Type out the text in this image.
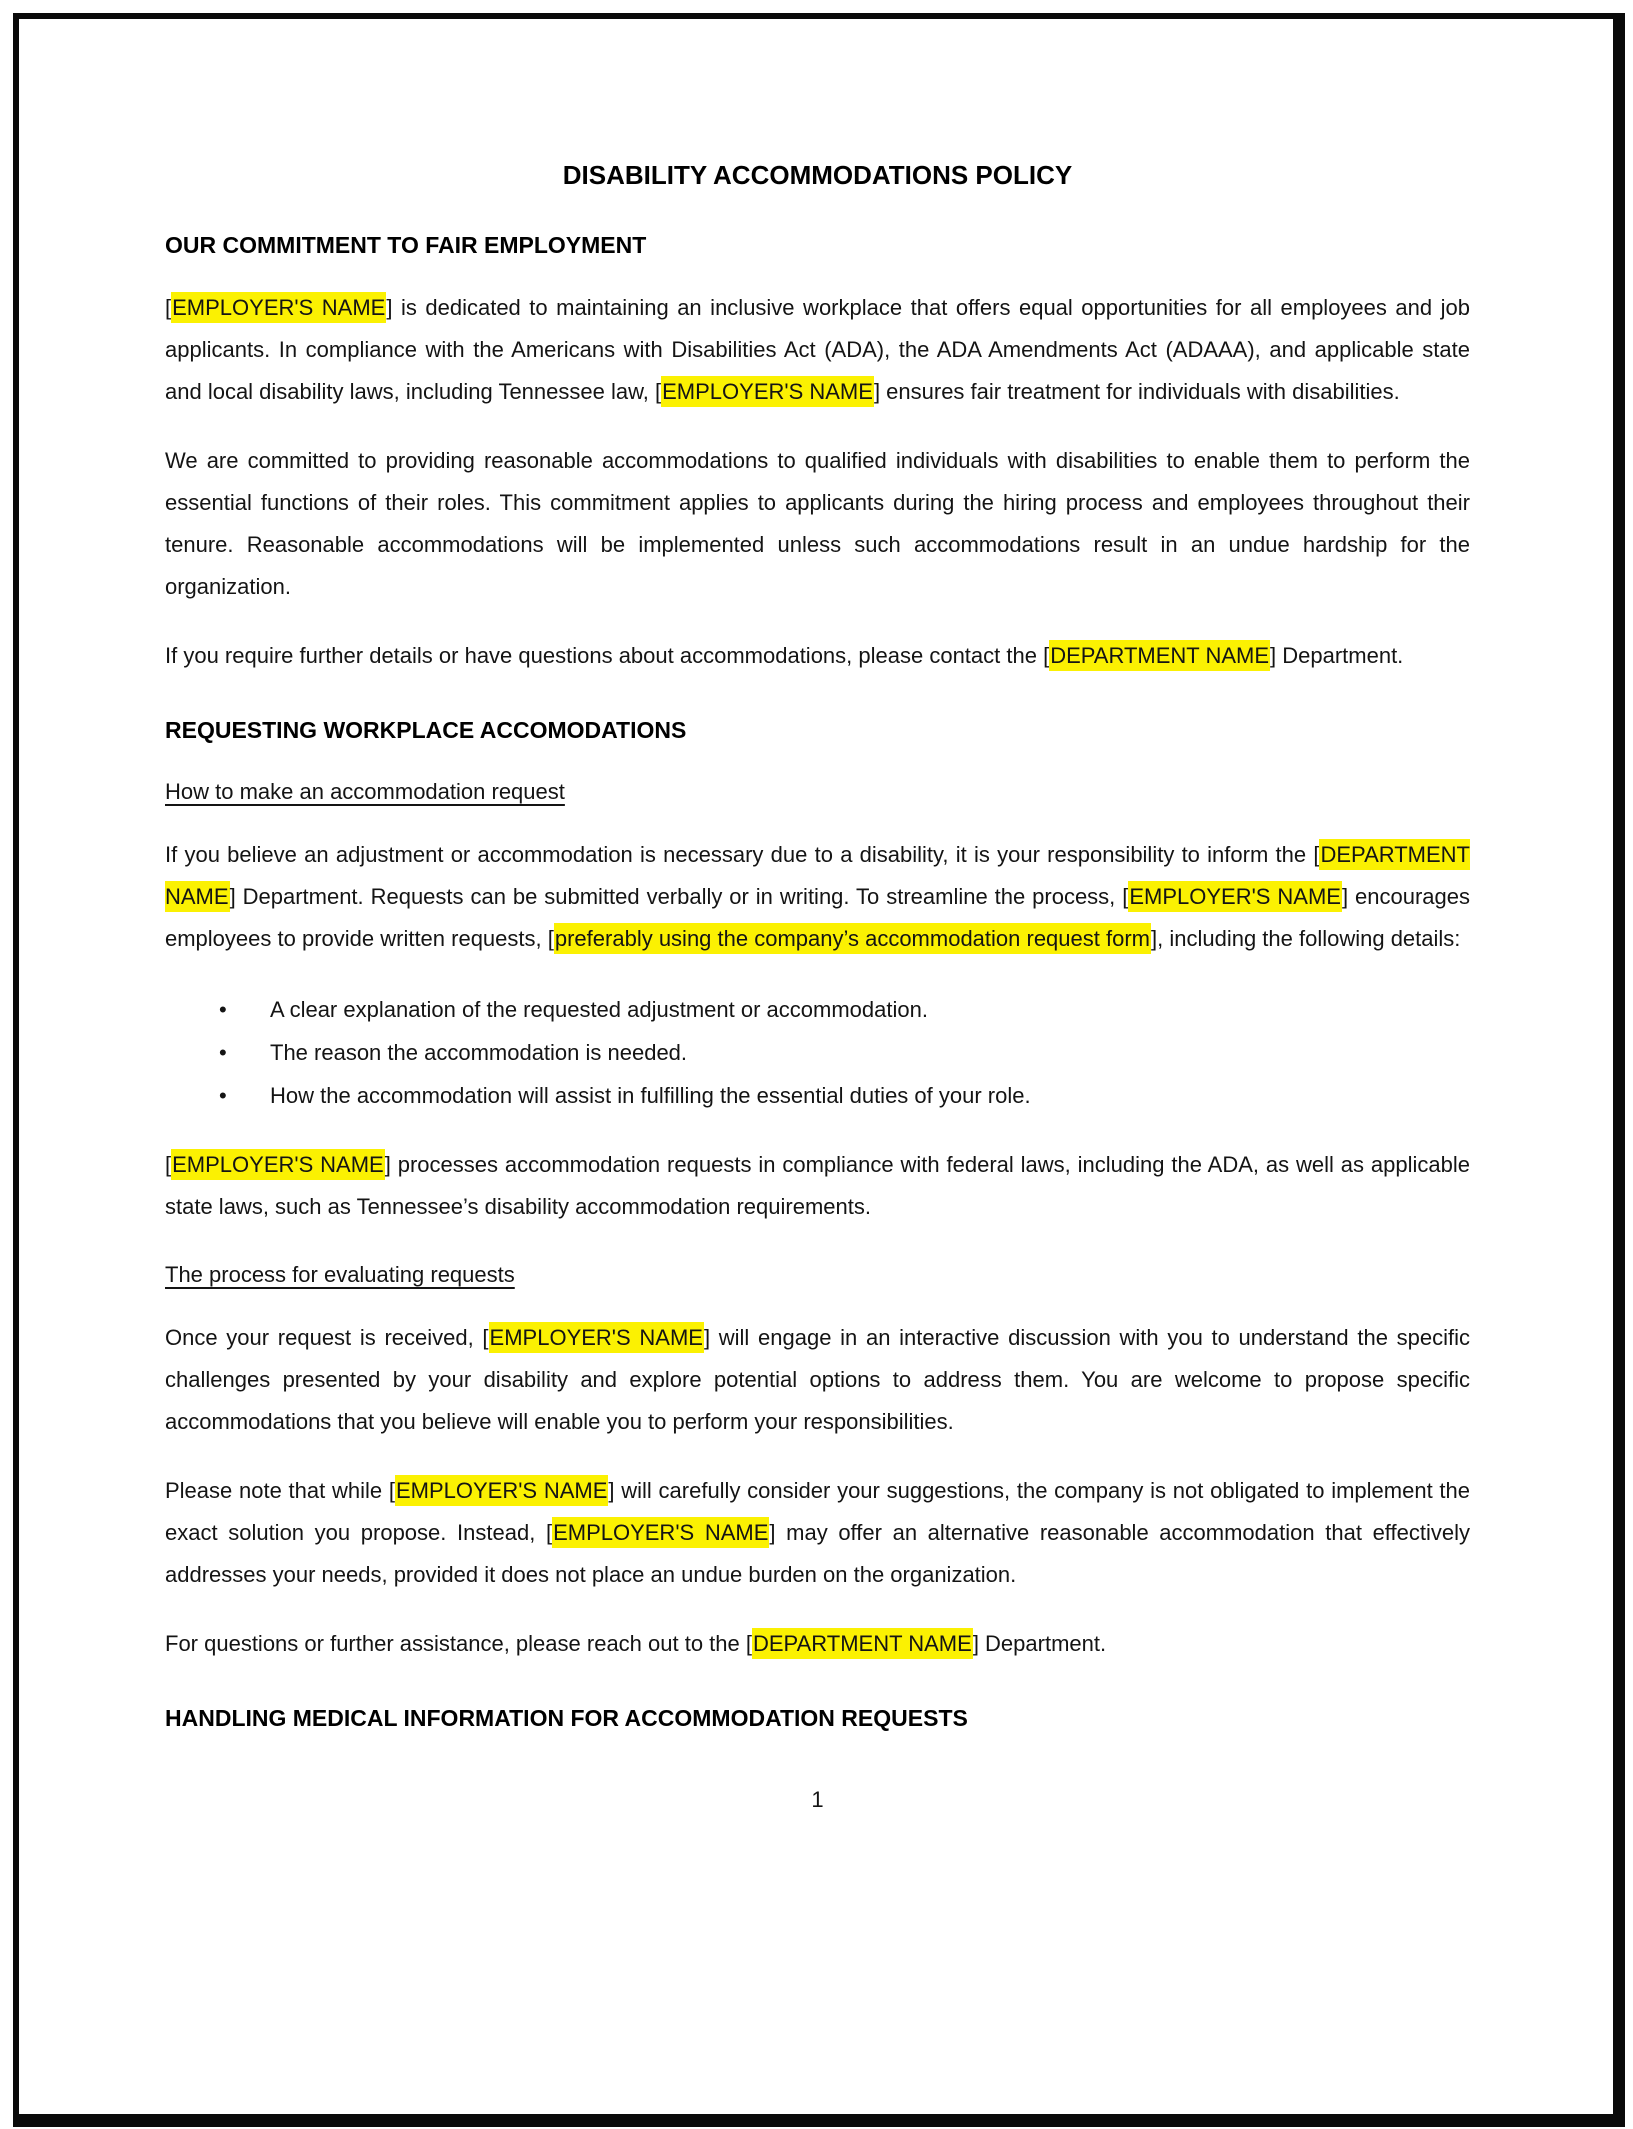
DISABILITY ACCOMMODATIONS POLICY
OUR COMMITMENT TO FAIR EMPLOYMENT

[EMPLOYER'S NAME] is dedicated to maintaining an inclusive workplace that offers equal opportunities for all employees and job applicants. In compliance with the Americans with Disabilities Act (ADA), the ADA Amendments Act (ADAAA), and applicable state and local disability laws, including Tennessee law, [EMPLOYER'S NAME] ensures fair treatment for individuals with disabilities.

We are committed to providing reasonable accommodations to qualified individuals with disabilities to enable them to perform the essential functions of their roles. This commitment applies to applicants during the hiring process and employees throughout their tenure. Reasonable accommodations will be implemented unless such accommodations result in an undue hardship for the organization.

If you require further details or have questions about accommodations, please contact the [DEPARTMENT NAME] Department.

REQUESTING WORKPLACE ACCOMODATIONS
How to make an accommodation request

If you believe an adjustment or accommodation is necessary due to a disability, it is your responsibility to inform the [DEPARTMENT NAME] Department. Requests can be submitted verbally or in writing. To streamline the process, [EMPLOYER'S NAME] encourages employees to provide written requests, [preferably using the company’s accommodation request form], including the following details:

• A clear explanation of the requested adjustment or accommodation.
• The reason the accommodation is needed.
• How the accommodation will assist in fulfilling the essential duties of your role.

[EMPLOYER'S NAME] processes accommodation requests in compliance with federal laws, including the ADA, as well as applicable state laws, such as Tennessee’s disability accommodation requirements.

The process for evaluating requests

Once your request is received, [EMPLOYER'S NAME] will engage in an interactive discussion with you to understand the specific challenges presented by your disability and explore potential options to address them. You are welcome to propose specific accommodations that you believe will enable you to perform your responsibilities.

Please note that while [EMPLOYER'S NAME] will carefully consider your suggestions, the company is not obligated to implement the exact solution you propose. Instead, [EMPLOYER'S NAME] may offer an alternative reasonable accommodation that effectively addresses your needs, provided it does not place an undue burden on the organization.

For questions or further assistance, please reach out to the [DEPARTMENT NAME] Department.

HANDLING MEDICAL INFORMATION FOR ACCOMMODATION REQUESTS
1
